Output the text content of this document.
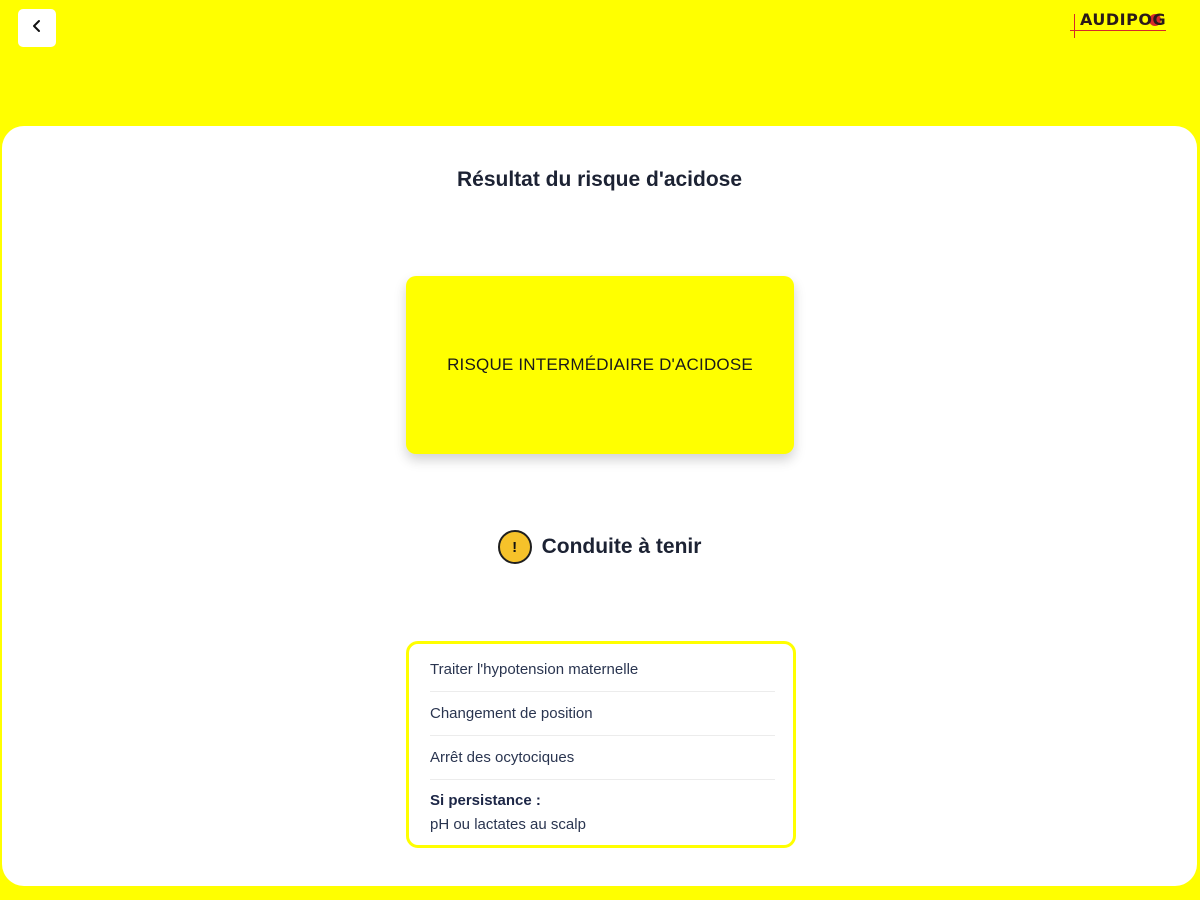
AUDIPOG
Résultat du risque d'acidose
RISQUE INTERMÉDIAIRE D'ACIDOSE
!	Conduite à tenir
Traiter l'hypotension maternelle
Changement de position
Arrêt des ocytociques
Si persistance :
pH ou lactates au scalp
